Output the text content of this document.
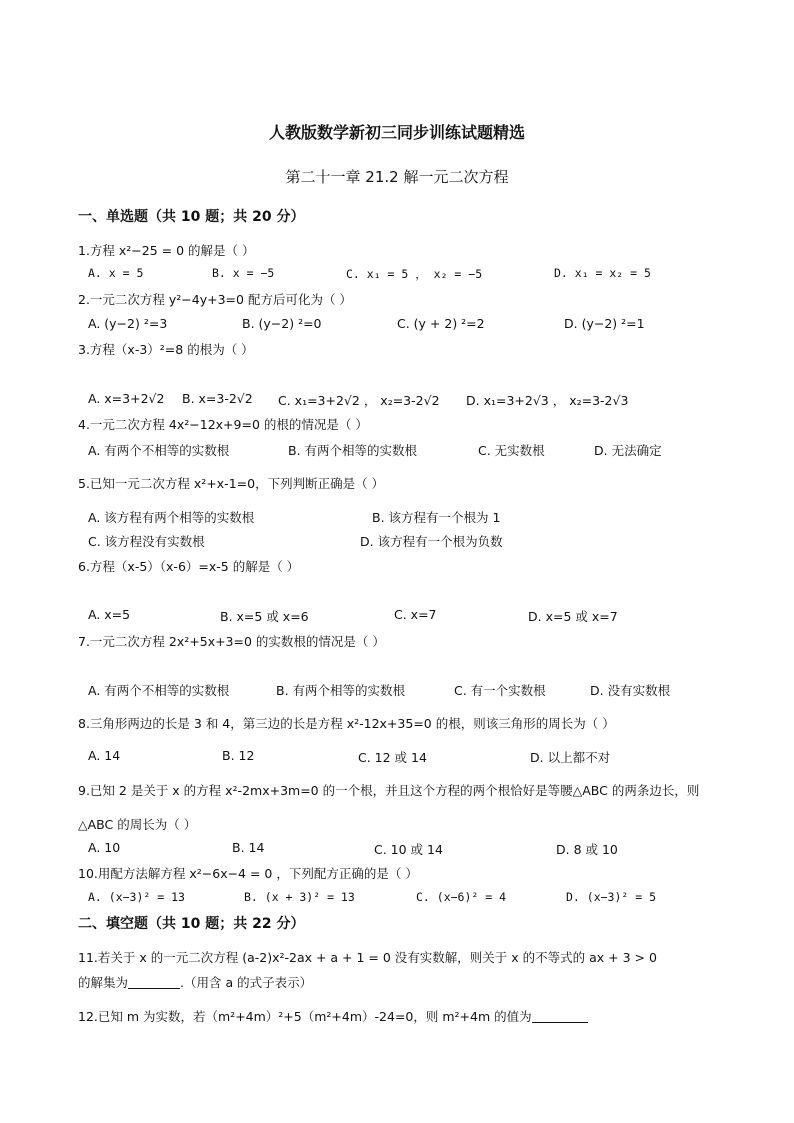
人教版数学新初三同步训练试题精选
第二十一章 21.2 解一元二次方程
一、单选题（共 10 题；共 20 分）
1.方程 x²−25 = 0 的解是（ ）
A. x = 5	B. x = −5	C. x₁ = 5 ， x₂ = −5	D. x₁ = x₂ = 5
2.一元二次方程 y²−4y+3=0 配方后可化为（ ）
A. (y−2) ²=3	B. (y−2) ²=0	C. (y + 2) ²=2	D. (y−2) ²=1
3.方程（x-3）²=8 的根为（ ）
A. x=3+2√2 B. x=3-2√2 C. x₁=3+2√2 ， x₂=3-2√2 D. x₁=3+2√3 ， x₂=3-2√3
4.一元二次方程 4x²−12x+9=0 的根的情况是（ ）
A. 有两个不相等的实数根	B. 有两个相等的实数根	C. 无实数根	D. 无法确定
5.已知一元二次方程 x²+x-1=0，下列判断正确是（ ）
A. 该方程有两个相等的实数根	B. 该方程有一个根为 1
C. 该方程没有实数根	D. 该方程有一个根为负数
6.方程（x-5）（x-6）=x-5 的解是（ ）
A. x=5	B. x=5 或 x=6	C. x=7	D. x=5 或 x=7
7.一元二次方程 2x²+5x+3=0 的实数根的情况是（ ）
A. 有两个不相等的实数根	B. 有两个相等的实数根	C. 有一个实数根	D. 没有实数根
8.三角形两边的长是 3 和 4，第三边的长是方程 x²-12x+35=0 的根，则该三角形的周长为（ ）
A. 14	B. 12	C. 12 或 14	D. 以上都不对
9.已知 2 是关于 x 的方程 x²-2mx+3m=0 的一个根，并且这个方程的两个根恰好是等腰△ABC 的两条边长，则
△ABC 的周长为（ ）
A. 10	B. 14	C. 10 或 14	D. 8 或 10
10.用配方法解方程 x²−6x−4 = 0 ，下列配方正确的是（ ）
A. (x−3)² = 13	B. (x + 3)² = 13	C. (x−6)² = 4	D. (x−3)² = 5
二、填空题（共 10 题；共 22 分）
11.若关于 x 的一元二次方程 (a-2)x²-2ax + a + 1 = 0 没有实数解，则关于 x 的不等式的 ax + 3 > 0
的解集为	.（用含 a 的式子表示）
12.已知 m 为实数，若（m²+4m）²+5（m²+4m）-24=0，则 m²+4m 的值为
